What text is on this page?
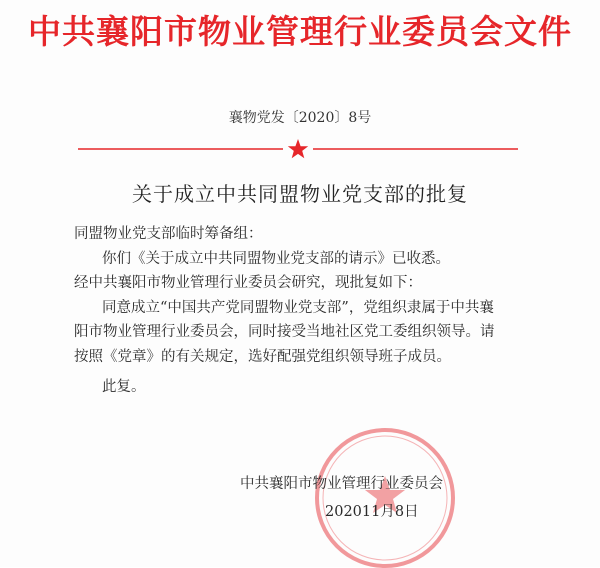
中共襄阳市物业管理行业委员会文件
襄物党发〔2020〕8号
关于成立中共同盟物业党支部的批复

同盟物业党支部临时筹备组：

你们《关于成立中共同盟物业党支部的请示》已收悉。

经中共襄阳市物业管理行业委员会研究，现批复如下：

同意成立“中国共产党同盟物业党支部”，党组织隶属于中共襄阳市物业管理行业委员会，同时接受当地社区党工委组织领导。请按照《党章》的有关规定，选好配强党组织领导班子成员。

此复。

中共襄阳市物业管理行业委员会
202011月8日
